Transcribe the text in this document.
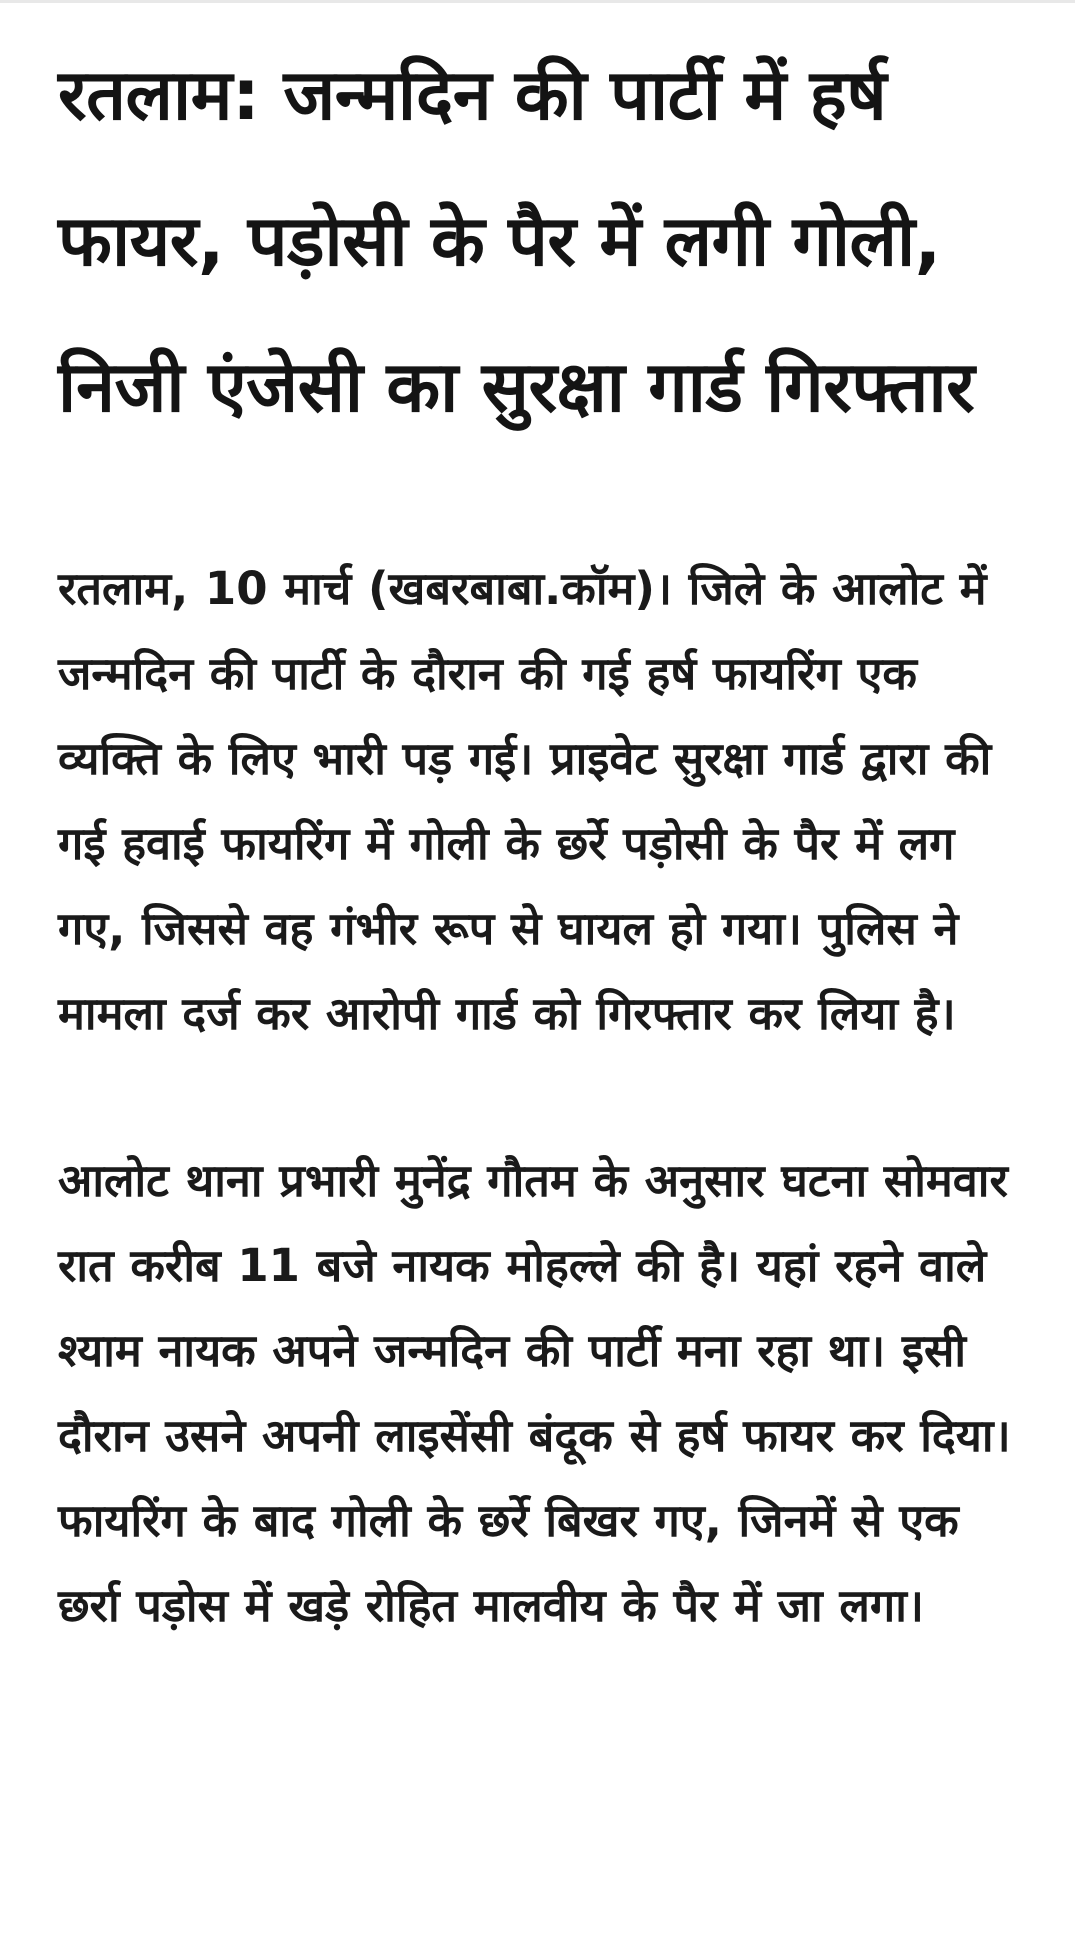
रतलाम: जन्मदिन की पार्टी में हर्ष फायर, पड़ोसी के पैर में लगी गोली, निजी एंजेसी का सुरक्षा गार्ड गिरफ्तार

रतलाम, 10 मार्च (खबरबाबा.कॉम)। जिले के आलोट में जन्मदिन की पार्टी के दौरान की गई हर्ष फायरिंग एक व्यक्ति के लिए भारी पड़ गई। प्राइवेट सुरक्षा गार्ड द्वारा की गई हवाई फायरिंग में गोली के छर्रे पड़ोसी के पैर में लग गए, जिससे वह गंभीर रूप से घायल हो गया। पुलिस ने मामला दर्ज कर आरोपी गार्ड को गिरफ्तार कर लिया है।

आलोट थाना प्रभारी मुनेंद्र गौतम के अनुसार घटना सोमवार रात करीब 11 बजे नायक मोहल्ले की है। यहां रहने वाले श्याम नायक अपने जन्मदिन की पार्टी मना रहा था। इसी दौरान उसने अपनी लाइसेंसी बंदूक से हर्ष फायर कर दिया। फायरिंग के बाद गोली के छर्रे बिखर गए, जिनमें से एक छर्रा पड़ोस में खड़े रोहित मालवीय के पैर में जा लगा।
